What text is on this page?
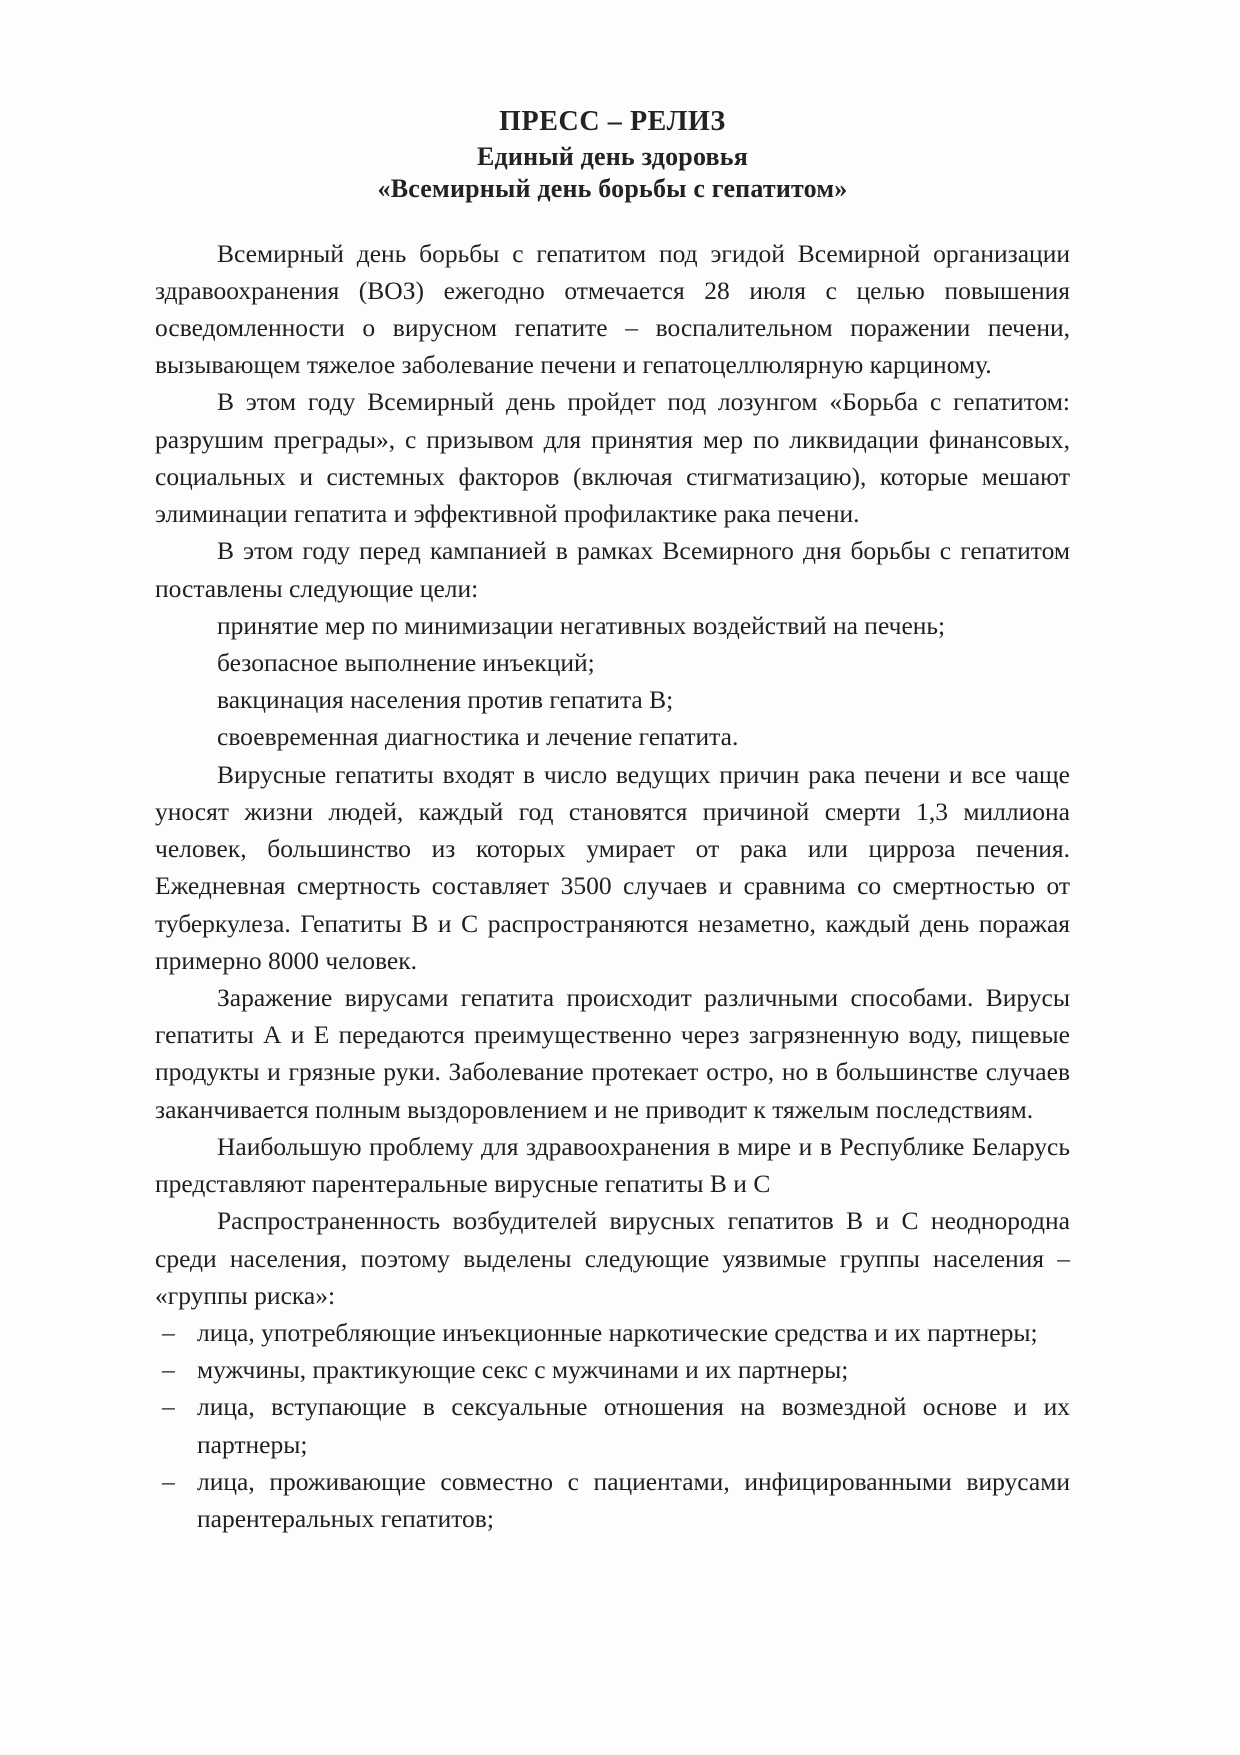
ПРЕСС – РЕЛИЗ
Единый день здоровья
«Всемирный день борьбы с гепатитом»

Всемирный день борьбы с гепатитом под эгидой Всемирной организации здравоохранения (ВОЗ) ежегодно отмечается 28 июля с целью повышения осведомленности о вирусном гепатите – воспалительном поражении печени, вызывающем тяжелое заболевание печени и гепатоцеллюлярную карциному.

В этом году Всемирный день пройдет под лозунгом «Борьба с гепатитом: разрушим преграды», с призывом для принятия мер по ликвидации финансовых, социальных и системных факторов (включая стигматизацию), которые мешают элиминации гепатита и эффективной профилактике рака печени.

В этом году перед кампанией в рамках Всемирного дня борьбы с гепатитом поставлены следующие цели:

принятие мер по минимизации негативных воздействий на печень;
безопасное выполнение инъекций;
вакцинация населения против гепатита В;
своевременная диагностика и лечение гепатита.

Вирусные гепатиты входят в число ведущих причин рака печени и все чаще уносят жизни людей, каждый год становятся причиной смерти 1,3 миллиона человек, большинство из которых умирает от рака или цирроза печения. Ежедневная смертность составляет 3500 случаев и сравнима со смертностью от туберкулеза. Гепатиты В и С распространяются незаметно, каждый день поражая примерно 8000 человек.

Заражение вирусами гепатита происходит различными способами. Вирусы гепатиты А и Е передаются преимущественно через загрязненную воду, пищевые продукты и грязные руки. Заболевание протекает остро, но в большинстве случаев заканчивается полным выздоровлением и не приводит к тяжелым последствиям.

Наибольшую проблему для здравоохранения в мире и в Республике Беларусь представляют парентеральные вирусные гепатиты В и С

Распространенность возбудителей вирусных гепатитов В и С неоднородна среди населения, поэтому выделены следующие уязвимые группы населения – «группы риска»:

– лица, употребляющие инъекционные наркотические средства и их партнеры;
– мужчины, практикующие секс с мужчинами и их партнеры;
– лица, вступающие в сексуальные отношения на возмездной основе и их партнеры;
– лица, проживающие совместно с пациентами, инфицированными вирусами парентеральных гепатитов;
